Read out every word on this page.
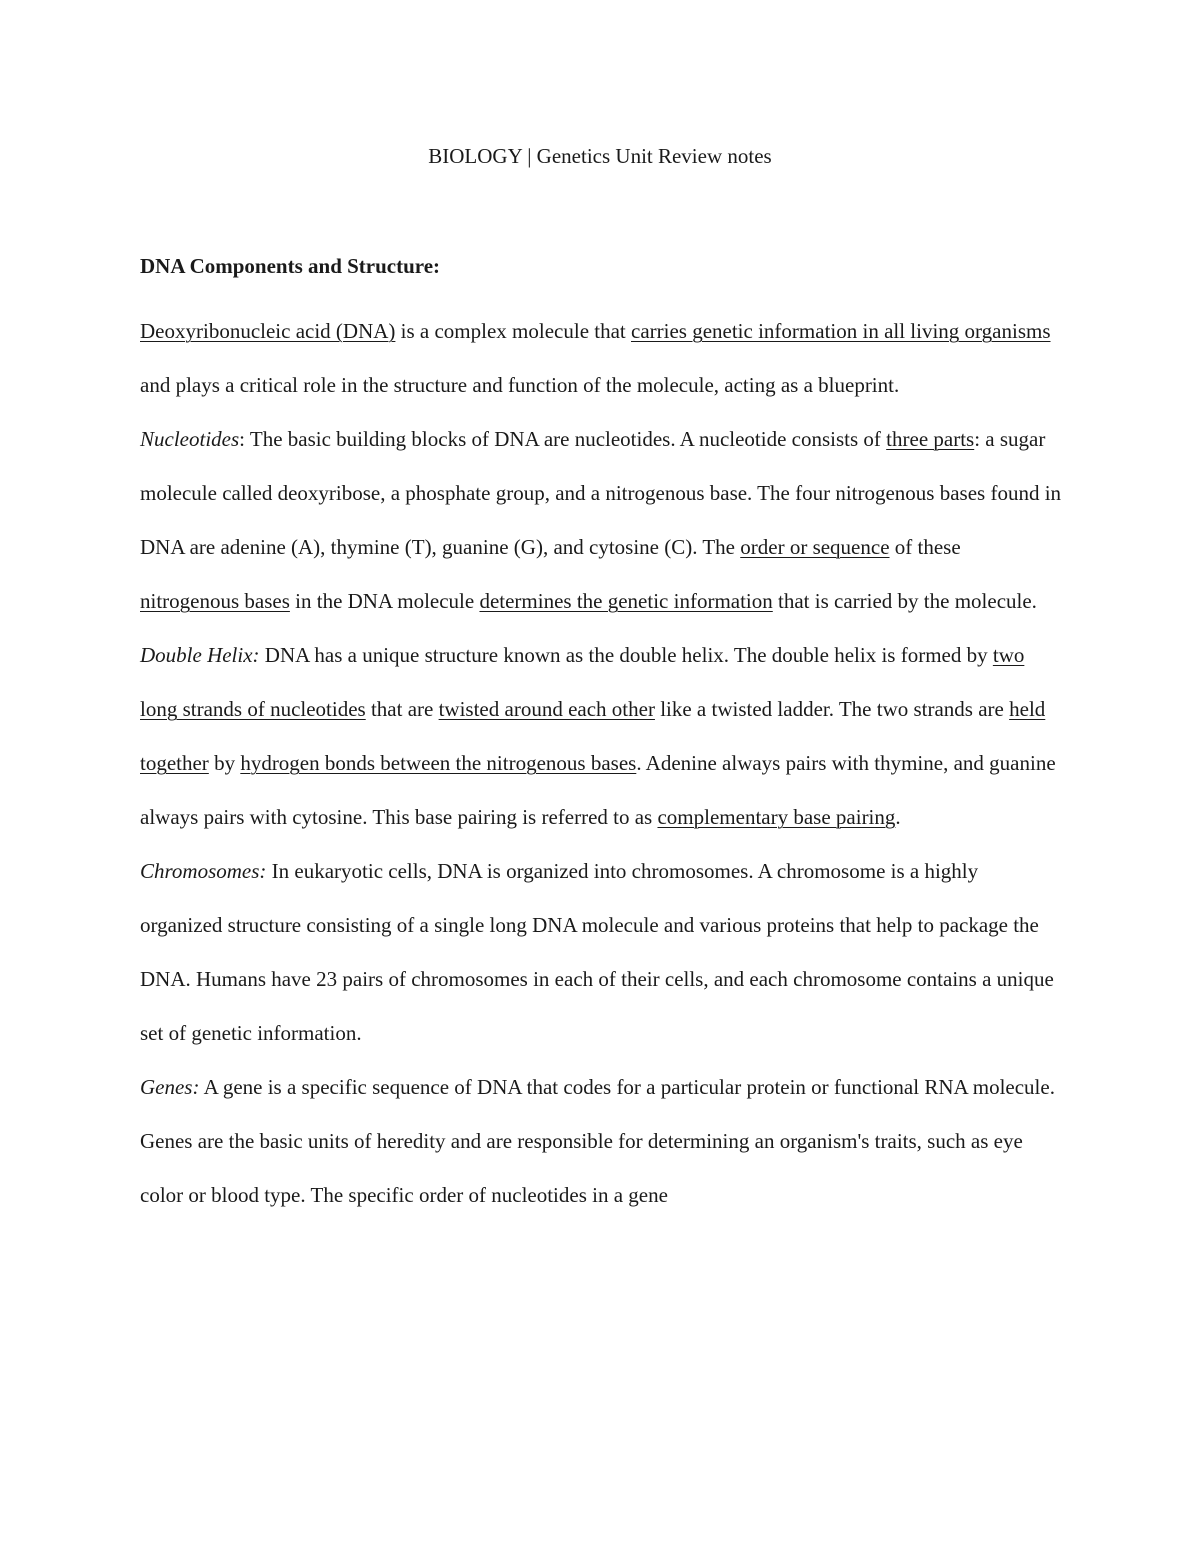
BIOLOGY | Genetics Unit Review notes
DNA Components and Structure:

Deoxyribonucleic acid (DNA) is a complex molecule that carries genetic information in all living organisms and plays a critical role in the structure and function of the molecule, acting as a blueprint.

Nucleotides: The basic building blocks of DNA are nucleotides. A nucleotide consists of three parts: a sugar molecule called deoxyribose, a phosphate group, and a nitrogenous base. The four nitrogenous bases found in DNA are adenine (A), thymine (T), guanine (G), and cytosine (C). The order or sequence of these nitrogenous bases in the DNA molecule determines the genetic information that is carried by the molecule.

Double Helix: DNA has a unique structure known as the double helix. The double helix is formed by two long strands of nucleotides that are twisted around each other like a twisted ladder. The two strands are held together by hydrogen bonds between the nitrogenous bases. Adenine always pairs with thymine, and guanine always pairs with cytosine. This base pairing is referred to as complementary base pairing.

Chromosomes: In eukaryotic cells, DNA is organized into chromosomes. A chromosome is a highly organized structure consisting of a single long DNA molecule and various proteins that help to package the DNA. Humans have 23 pairs of chromosomes in each of their cells, and each chromosome contains a unique set of genetic information.

Genes: A gene is a specific sequence of DNA that codes for a particular protein or functional RNA molecule. Genes are the basic units of heredity and are responsible for determining an organism's traits, such as eye color or blood type. The specific order of nucleotides in a gene
